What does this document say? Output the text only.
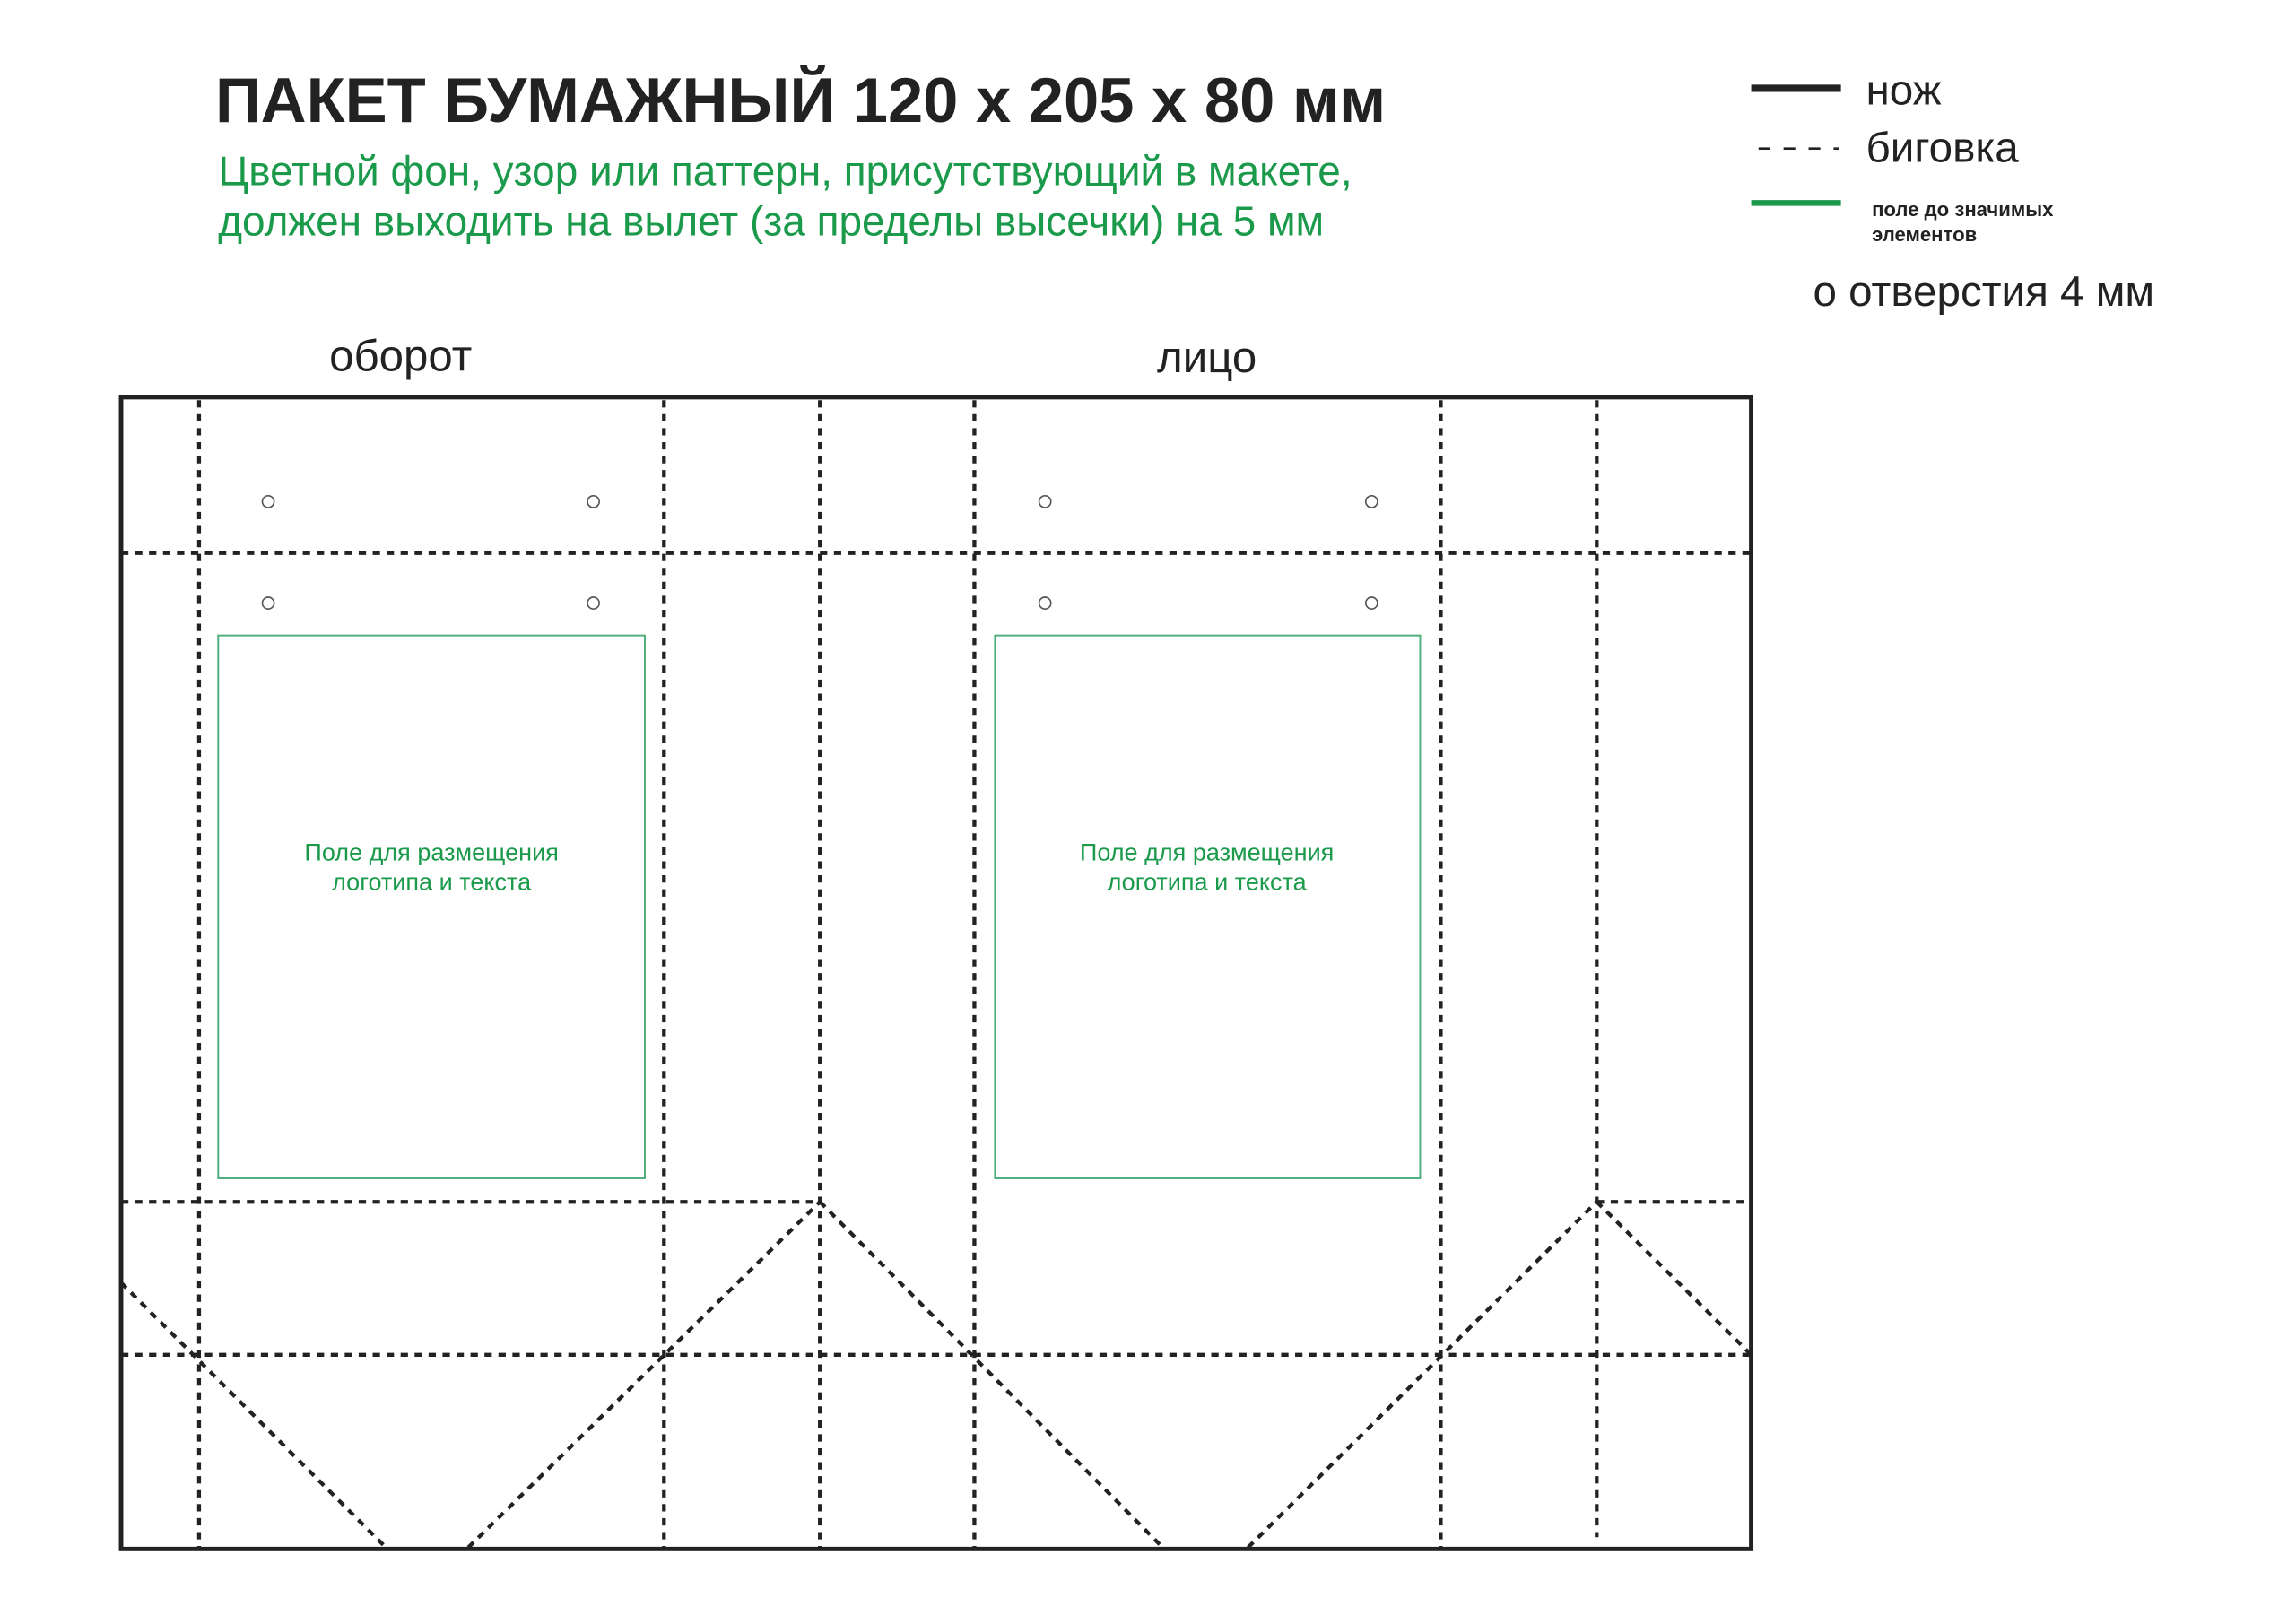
ПАКЕТ БУМАЖНЫЙ 120 х 205 х 80 мм
Цветной фон, узор или паттерн, присутствующий в макете,
должен выходить на вылет (за пределы высечки) на 5 мм
нож
биговка
поле до значимых
элементов
о отверстия 4 мм
оборот	лицо
Поле для размещения
логотипа и текста
Поле для размещения
логотипа и текста
